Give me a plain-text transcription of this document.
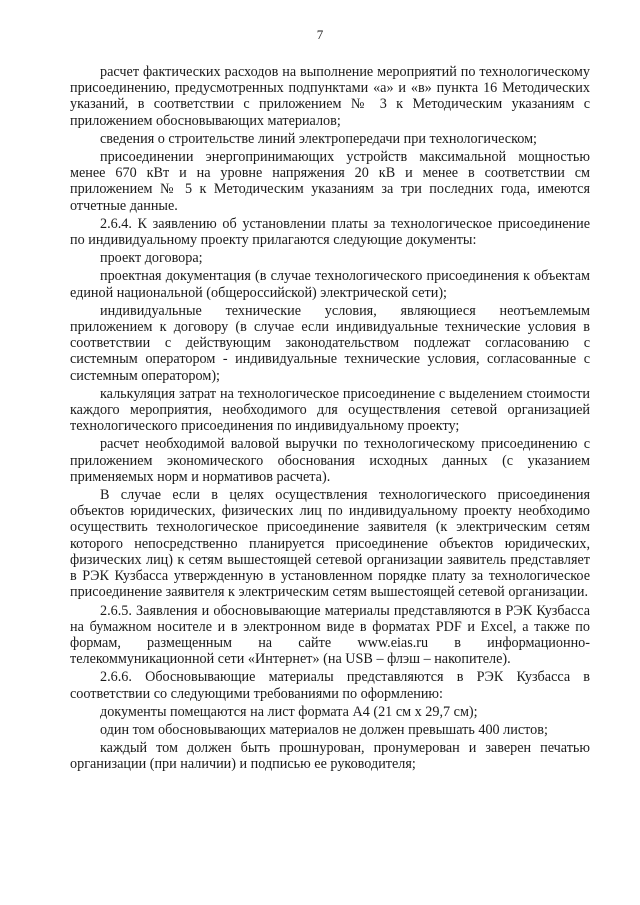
7

расчет фактических расходов на выполнение мероприятий по технологическому присоединению, предусмотренных подпунктами «а» и «в» пункта 16 Методических указаний, в соответствии с приложением № 3 к Методическим указаниям с приложением обосновывающих материалов;

сведения о строительстве линий электропередачи при технологическом;

присоединении энергопринимающих устройств максимальной мощностью менее 670 кВт и на уровне напряжения 20 кВ и менее в соответствии см приложением № 5 к Методическим указаниям за три последних года, имеются отчетные данные.

2.6.4. К заявлению об установлении платы за технологическое присоединение по индивидуальному проекту прилагаются следующие документы:

проект договора;

проектная документация (в случае технологического присоединения к объектам единой национальной (общероссийской) электрической сети);

индивидуальные технические условия, являющиеся неотъемлемым приложением к договору (в случае если индивидуальные технические условия в соответствии с действующим законодательством подлежат согласованию с системным оператором - индивидуальные технические условия, согласованные с системным оператором);

калькуляция затрат на технологическое присоединение с выделением стоимости каждого мероприятия, необходимого для осуществления сетевой организацией технологического присоединения по индивидуальному проекту;

расчет необходимой валовой выручки по технологическому присоединению с приложением экономического обоснования исходных данных (с указанием применяемых норм и нормативов расчета).

В случае если в целях осуществления технологического присоединения объектов юридических, физических лиц по индивидуальному проекту необходимо осуществить технологическое присоединение заявителя (к электрическим сетям которого непосредственно планируется присоединение объектов юридических, физических лиц) к сетям вышестоящей сетевой организации заявитель представляет в РЭК Кузбасса утвержденную в установленном порядке плату за технологическое присоединение заявителя к электрическим сетям вышестоящей сетевой организации.

2.6.5. Заявления и обосновывающие материалы представляются в РЭК Кузбасса на бумажном носителе и в электронном виде в форматах PDF и Excel, а также по формам, размещенным на сайте www.eias.ru в информационно-телекоммуникационной сети «Интернет» (на USB – флэш – накопителе).

2.6.6. Обосновывающие материалы представляются в РЭК Кузбасса в соответствии со следующими требованиями по оформлению:

документы помещаются на лист формата А4 (21 см х 29,7 см);

один том обосновывающих материалов не должен превышать 400 листов;

каждый том должен быть прошнурован, пронумерован и заверен печатью организации (при наличии) и подписью ее руководителя;
